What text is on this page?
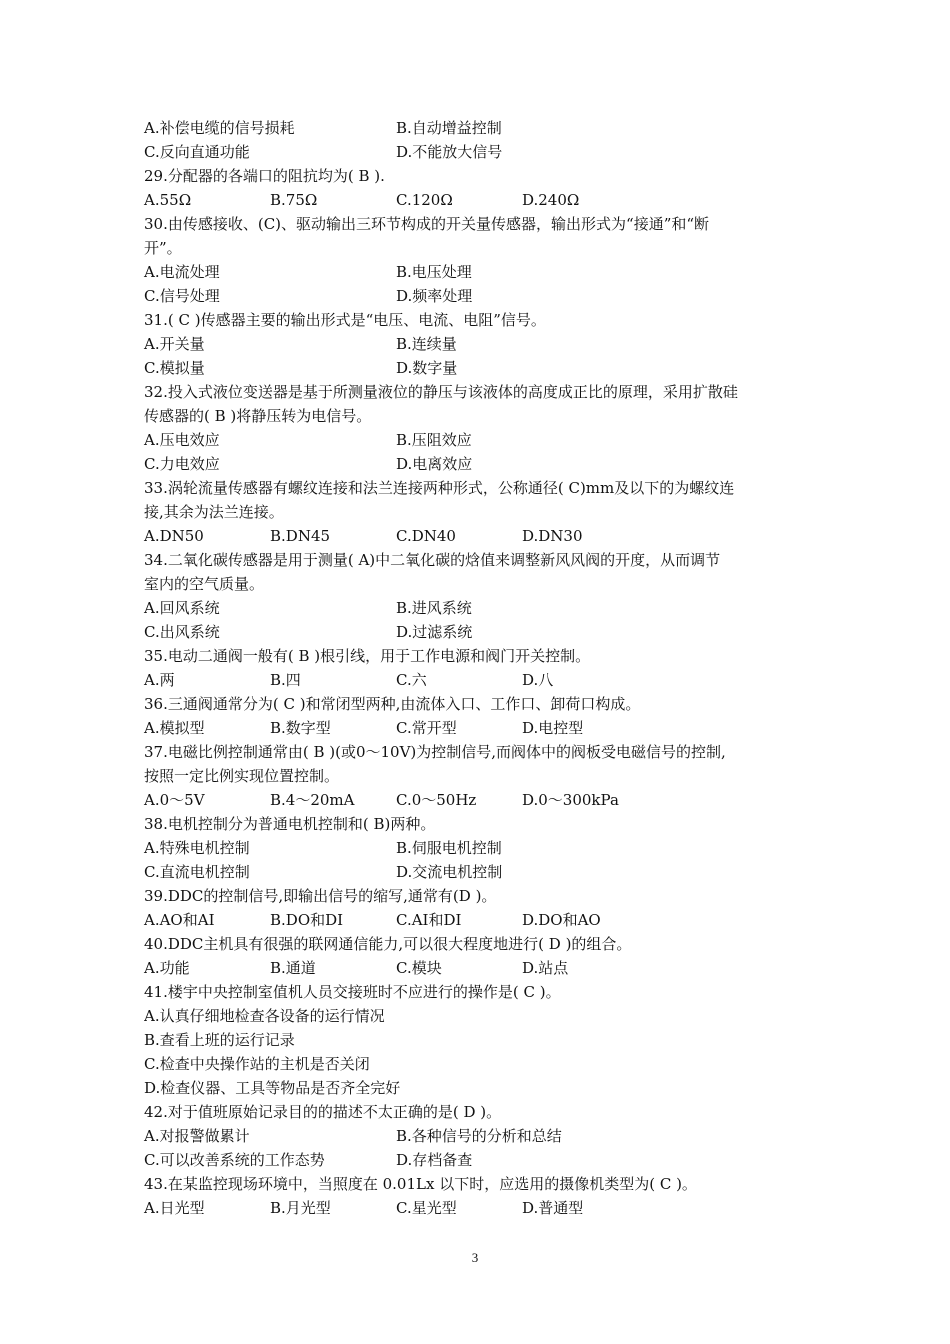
A.补偿电缆的信号损耗	B.自动增益控制
C.反向直通功能	D.不能放大信号
29.分配器的各端口的阻抗均为( B ).
A.55Ω	B.75Ω	C.120Ω	D.240Ω
30.由传感接收、(C)、驱动输出三环节构成的开关量传感器，输出形式为“接通”和“断
开”。
A.电流处理	B.电压处理
C.信号处理	D.频率处理
31.( C )传感器主要的输出形式是“电压、电流、电阻”信号。
A.开关量	B.连续量
C.模拟量	D.数字量
32.投入式液位变送器是基于所测量液位的静压与该液体的高度成正比的原理，采用扩散硅
传感器的( B )将静压转为电信号。
A.压电效应	B.压阻效应
C.力电效应	D.电离效应
33.涡轮流量传感器有螺纹连接和法兰连接两种形式，公称通径( C)mm及以下的为螺纹连
接,其余为法兰连接。
A.DN50	B.DN45	C.DN40	D.DN30
34.二氧化碳传感器是用于测量( A)中二氧化碳的焓值来调整新风风阀的开度，从而调节
室内的空气质量。
A.回风系统	B.进风系统
C.出风系统	D.过滤系统
35.电动二通阀一般有( B )根引线，用于工作电源和阀门开关控制。
A.两	B.四	C.六	D.八
36.三通阀通常分为( C )和常闭型两种,由流体入口、工作口、卸荷口构成。
A.模拟型	B.数字型	C.常开型	D.电控型
37.电磁比例控制通常由( B )(或0～10V)为控制信号,而阀体中的阀板受电磁信号的控制,
按照一定比例实现位置控制。
A.0～5V	B.4～20mA	C.0～50Hz	D.0～300kPa
38.电机控制分为普通电机控制和( B)两种。
A.特殊电机控制	B.伺服电机控制
C.直流电机控制	D.交流电机控制
39.DDC的控制信号,即输出信号的缩写,通常有(D )。
A.AO和AI	B.DO和DI	C.AI和DI	D.DO和AO
40.DDC主机具有很强的联网通信能力,可以很大程度地进行( D )的组合。
A.功能	B.通道	C.模块	D.站点
41.楼宇中央控制室值机人员交接班时不应进行的操作是( C )。
A.认真仔细地检查各设备的运行情况
B.查看上班的运行记录
C.检查中央操作站的主机是否关闭
D.检查仪器、工具等物品是否齐全完好
42.对于值班原始记录目的的描述不太正确的是( D )。
A.对报警做累计	B.各种信号的分析和总结
C.可以改善系统的工作态势	D.存档备查
43.在某监控现场环境中，当照度在 0.01Lx 以下时，应选用的摄像机类型为( C )。
A.日光型	B.月光型	C.星光型	D.普通型
3
